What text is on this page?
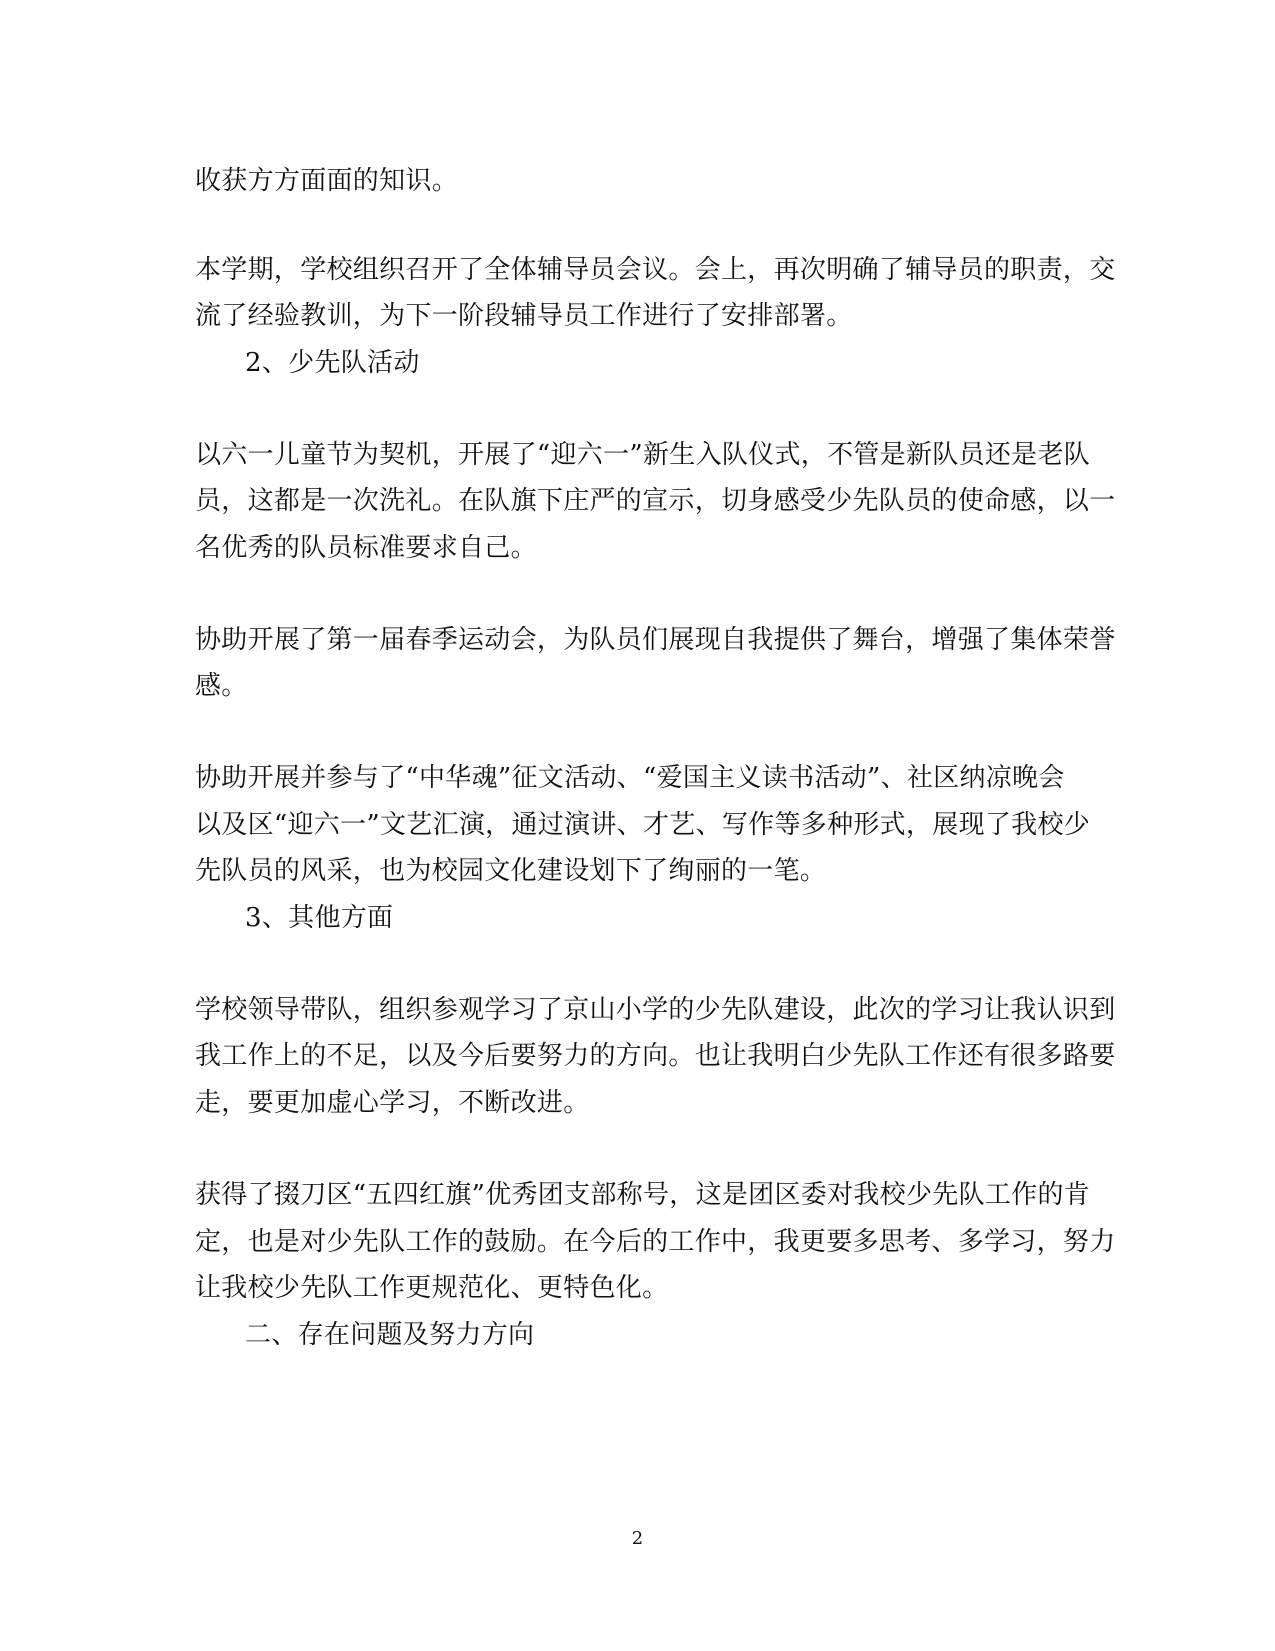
收获方方面面的知识。
本学期，学校组织召开了全体辅导员会议。会上，再次明确了辅导员的职责，交
流了经验教训，为下一阶段辅导员工作进行了安排部署。
2、少先队活动
以六一儿童节为契机，开展了“迎六一”新生入队仪式，不管是新队员还是老队
员，这都是一次洗礼。在队旗下庄严的宣示，切身感受少先队员的使命感，以一
名优秀的队员标准要求自己。
协助开展了第一届春季运动会，为队员们展现自我提供了舞台，增强了集体荣誉
感。
协助开展并参与了“中华魂”征文活动、“爱国主义读书活动”、社区纳凉晚会
以及区“迎六一”文艺汇演，通过演讲、才艺、写作等多种形式，展现了我校少
先队员的风采，也为校园文化建设划下了绚丽的一笔。
3、其他方面
学校领导带队，组织参观学习了京山小学的少先队建设，此次的学习让我认识到
我工作上的不足，以及今后要努力的方向。也让我明白少先队工作还有很多路要
走，要更加虚心学习，不断改进。
获得了掇刀区“五四红旗”优秀团支部称号，这是团区委对我校少先队工作的肯
定，也是对少先队工作的鼓励。在今后的工作中，我更要多思考、多学习，努力
让我校少先队工作更规范化、更特色化。
二、存在问题及努力方向
2
